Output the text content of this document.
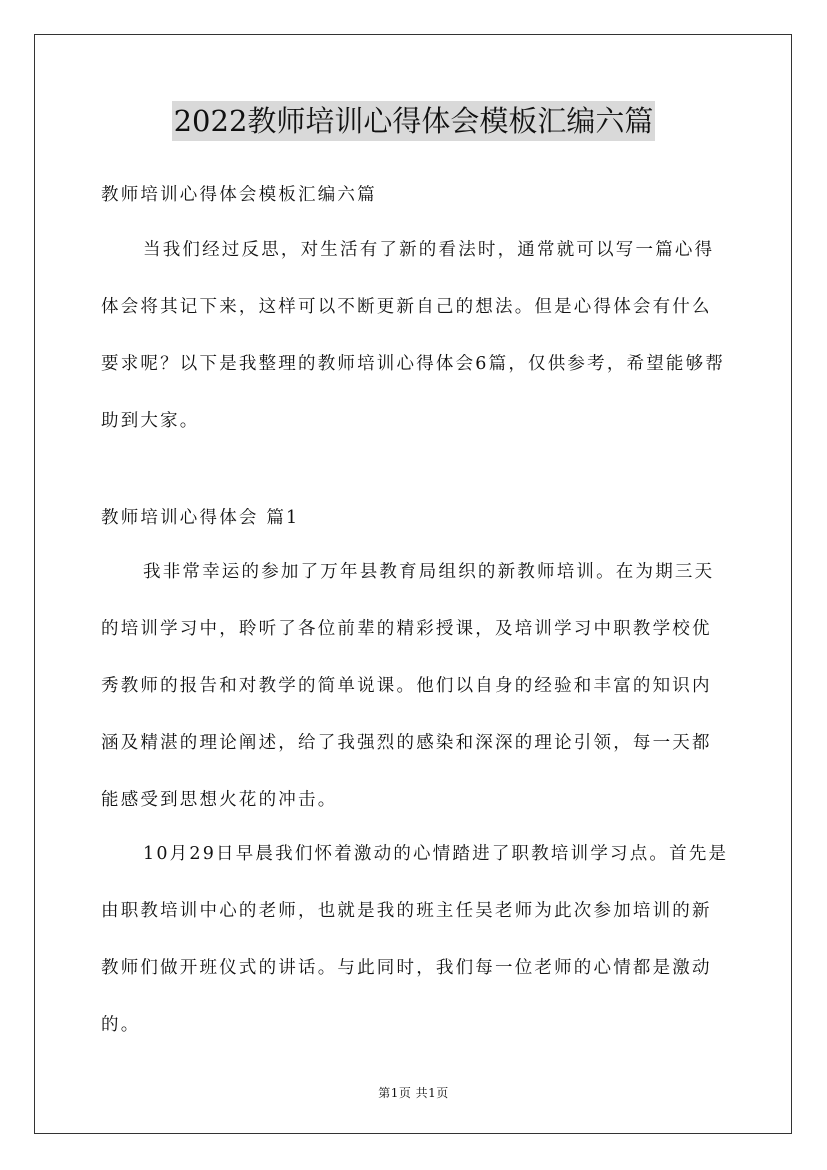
2022教师培训心得体会模板汇编六篇

教师培训心得体会模板汇编六篇

当我们经过反思，对生活有了新的看法时，通常就可以写一篇心得体会将其记下来，这样可以不断更新自己的想法。但是心得体会有什么要求呢？以下是我整理的教师培训心得体会6篇，仅供参考，希望能够帮助到大家。

教师培训心得体会 篇1

我非常幸运的参加了万年县教育局组织的新教师培训。在为期三天的培训学习中，聆听了各位前辈的精彩授课，及培训学习中职教学校优秀教师的报告和对教学的简单说课。他们以自身的经验和丰富的知识内涵及精湛的理论阐述，给了我强烈的感染和深深的理论引领，每一天都能感受到思想火花的冲击。

10月29日早晨我们怀着激动的心情踏进了职教培训学习点。首先是由职教培训中心的老师，也就是我的班主任吴老师为此次参加培训的新教师们做开班仪式的讲话。与此同时，我们每一位老师的心情都是激动的。

第1页 共1页
